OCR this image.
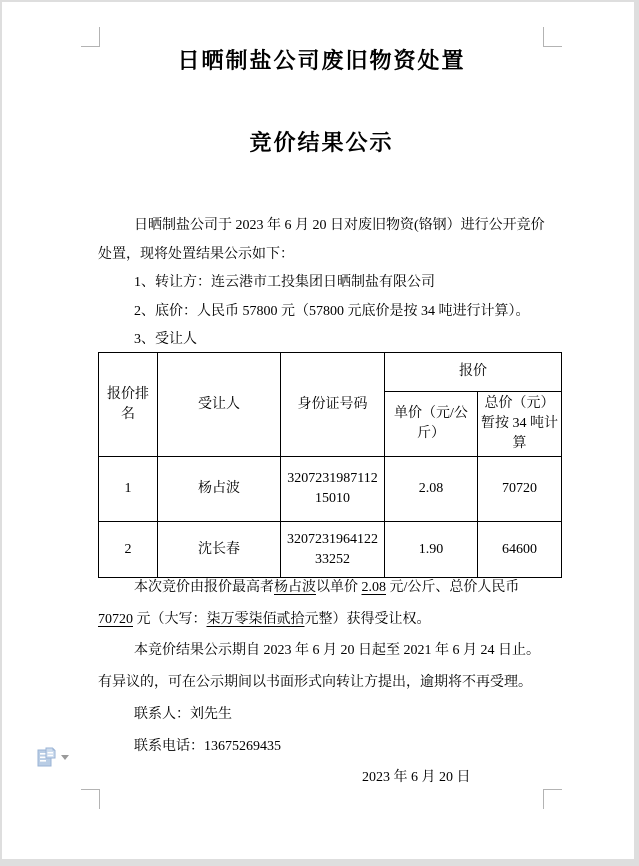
日晒制盐公司废旧物资处置
竞价结果公示

日晒制盐公司于 2023 年 6 月 20 日对废旧物资(铬钢）进行公开竞价处置，现将处置结果公示如下：

1、转让方：连云港市工投集团日晒制盐有限公司

2、底价：人民币 57800 元（57800 元底价是按 34 吨进行计算）。

3、受让人

报价排名	受让人	身份证号码	报价	
			单价（元/公斤）	总价（元）暂按 34 吨计算
1	杨占波	320723198711215010	2.08	70720
2	沈长春	320723196412233252	1.90	64600

本次竞价由报价最高者杨占波以单价 2.08 元/公斤、总价人民币 70720 元（大写：柒万零柒佰贰拾元整）获得受让权。

本竞价结果公示期自 2023 年 6 月 20 日起至 2021 年 6 月 24 日止。有异议的，可在公示期间以书面形式向转让方提出，逾期将不再受理。

联系人：刘先生

联系电话：13675269435

2023 年 6 月 20 日
